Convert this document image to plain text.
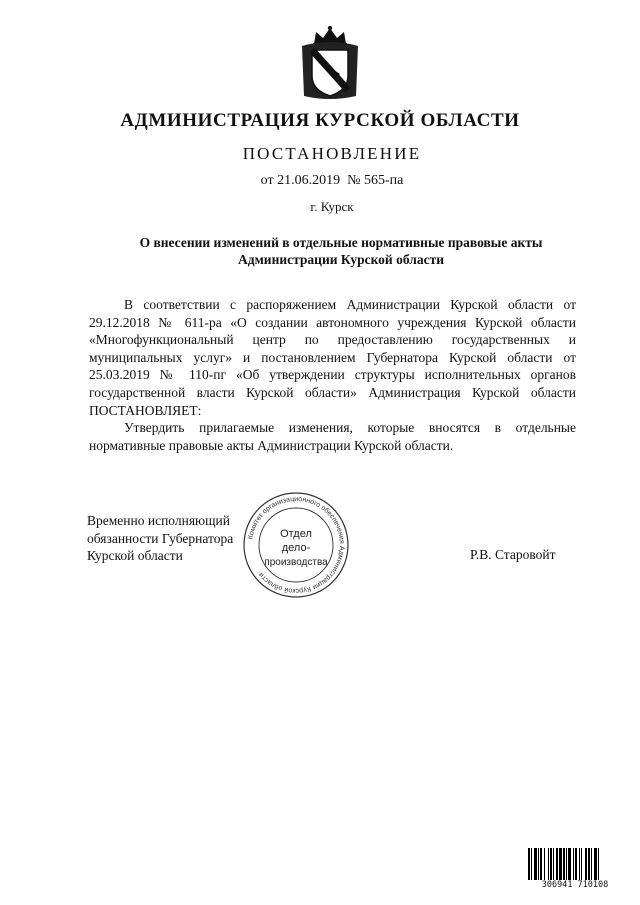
АДМИНИСТРАЦИЯ КУРСКОЙ ОБЛАСТИ
ПОСТАНОВЛЕНИЕ
от 21.06.2019 № 565-па
г. Курск
О внесении изменений в отдельные нормативные правовые акты
Администрации Курской области

В соответствии с распоряжением Администрации Курской области от 29.12.2018 № 611-ра «О создании автономного учреждения Курской области «Многофункциональный центр по предоставлению государственных и муниципальных услуг» и постановлением Губернатора Курской области от 25.03.2019 № 110-пг «Об утверждении структуры исполнительных органов государственной власти Курской области» Администрация Курской области ПОСТАНОВЛЯЕТ:

Утвердить прилагаемые изменения, которые вносятся в отдельные нормативные правовые акты Администрации Курской области.

Временно исполняющий
обязанности Губернатора
Курской области	Р.В. Старовойт
Комитет организационного обеспечения Администрации Курской области
Отдел
дело-
производства
306941 710108
